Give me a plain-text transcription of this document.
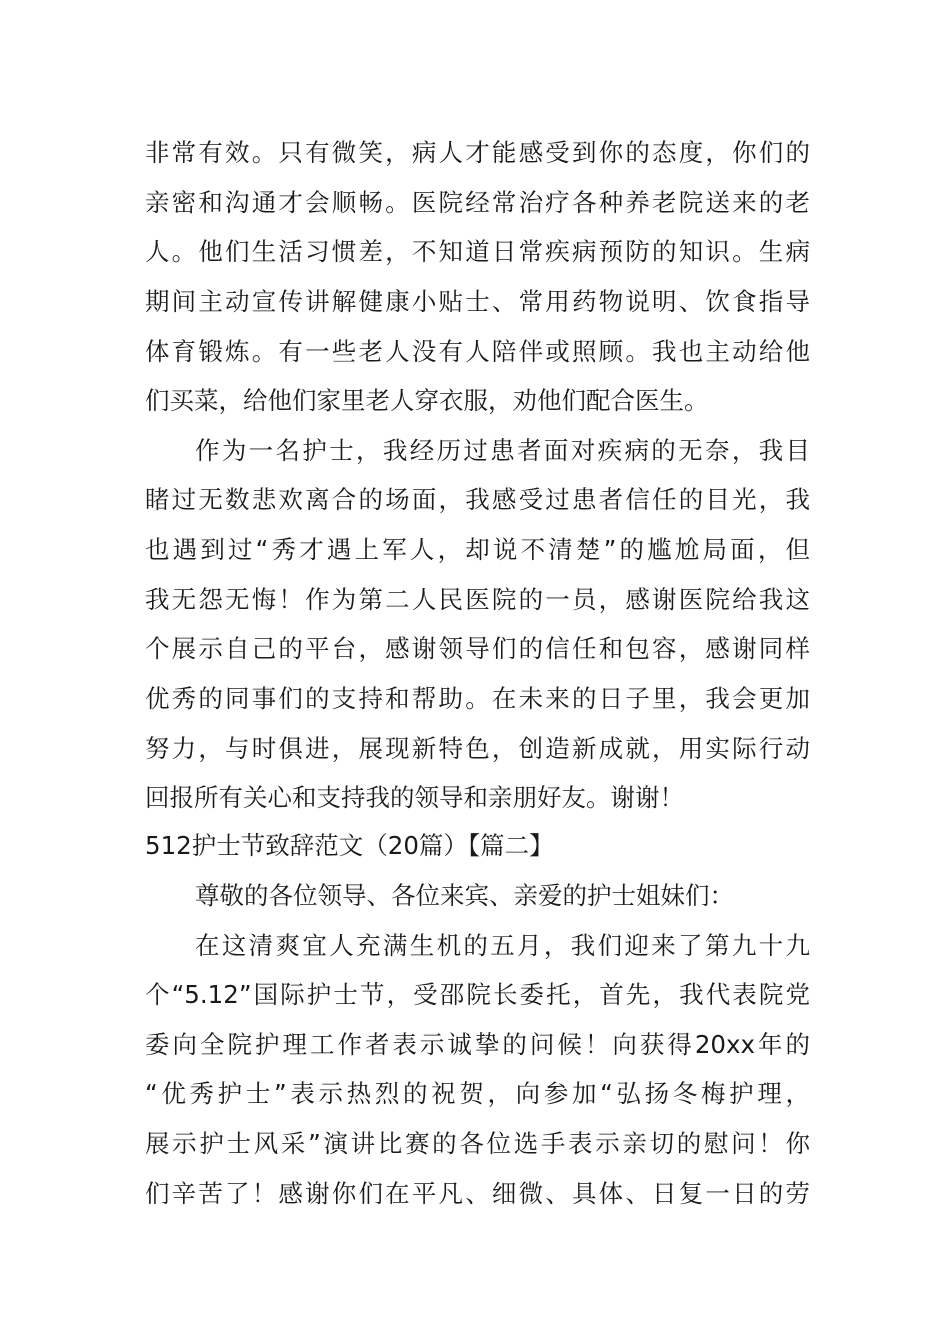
非常有效。只有微笑，病人才能感受到你的态度，你们的
亲密和沟通才会顺畅。医院经常治疗各种养老院送来的老
人。他们生活习惯差，不知道日常疾病预防的知识。生病
期间主动宣传讲解健康小贴士、常用药物说明、饮食指导
体育锻炼。有一些老人没有人陪伴或照顾。我也主动给他
们买菜，给他们家里老人穿衣服，劝他们配合医生。
作为一名护士，我经历过患者面对疾病的无奈，我目
睹过无数悲欢离合的场面，我感受过患者信任的目光，我
也遇到过“秀才遇上军人，却说不清楚”的尴尬局面，但
我无怨无悔！作为第二人民医院的一员，感谢医院给我这
个展示自己的平台，感谢领导们的信任和包容，感谢同样
优秀的同事们的支持和帮助。在未来的日子里，我会更加
努力，与时俱进，展现新特色，创造新成就，用实际行动
回报所有关心和支持我的领导和亲朋好友。谢谢！
512护士节致辞范文（20篇）【篇二】
尊敬的各位领导、各位来宾、亲爱的护士姐妹们：
在这清爽宜人充满生机的五月，我们迎来了第九十九
个“5.12”国际护士节，受邵院长委托，首先，我代表院党
委向全院护理工作者表示诚挚的问候！向获得20xx年的
“优秀护士”表示热烈的祝贺，向参加“弘扬冬梅护理，
展示护士风采”演讲比赛的各位选手表示亲切的慰问！你
们辛苦了！感谢你们在平凡、细微、具体、日复一日的劳
